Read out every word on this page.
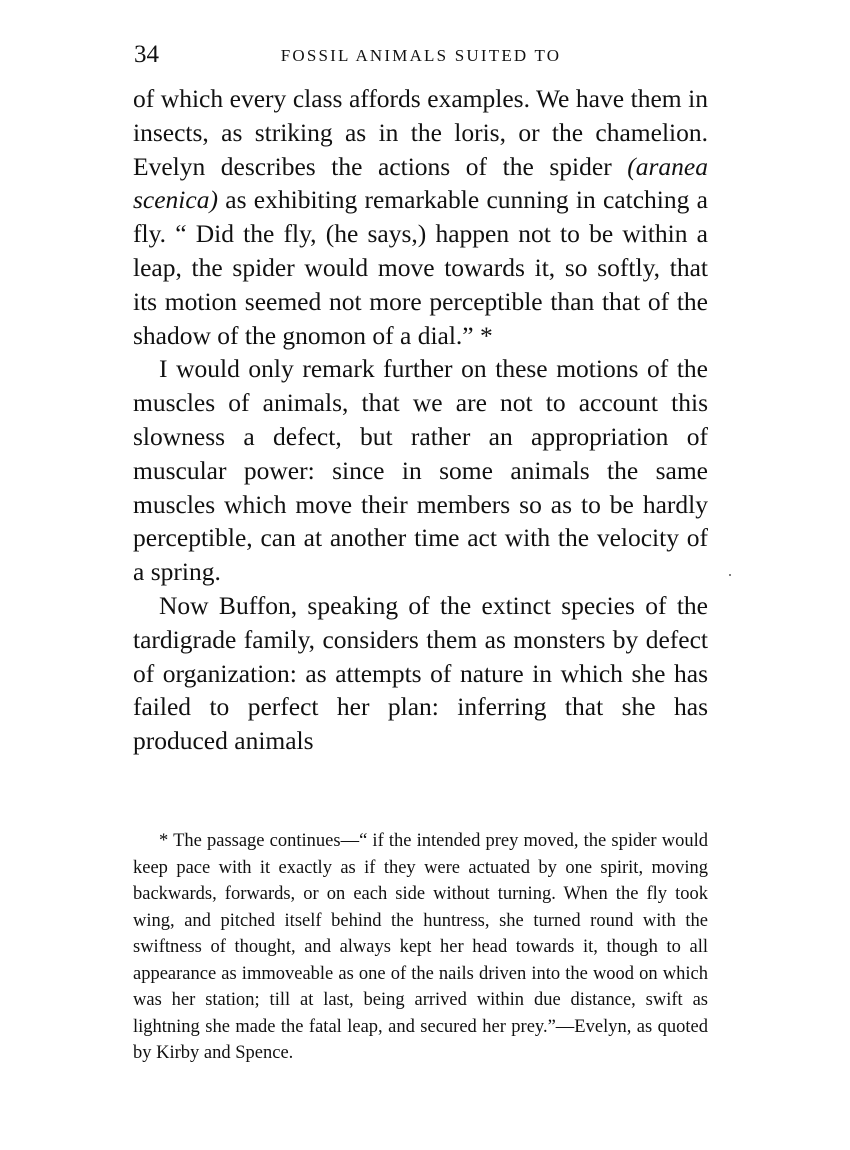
34	FOSSIL ANIMALS SUITED TO

of which every class affords examples. We have them in insects, as striking as in the loris, or the chamelion. Evelyn describes the actions of the spider (aranea scenica) as exhibiting remarkable cunning in catching a fly. “ Did the fly, (he says,) happen not to be within a leap, the spider would move towards it, so softly, that its motion seemed not more perceptible than that of the shadow of the gnomon of a dial.” *

I would only remark further on these motions of the muscles of animals, that we are not to account this slowness a defect, but rather an appropriation of muscular power: since in some animals the same muscles which move their members so as to be hardly perceptible, can at another time act with the velocity of a spring.

Now Buffon, speaking of the extinct species of the tardigrade family, considers them as monsters by defect of organization: as attempts of nature in which she has failed to perfect her plan: inferring that she has produced animals

* The passage continues—“ if the intended prey moved, the spider would keep pace with it exactly as if they were actuated by one spirit, moving backwards, forwards, or on each side without turning. When the fly took wing, and pitched itself behind the huntress, she turned round with the swiftness of thought, and always kept her head towards it, though to all appearance as immoveable as one of the nails driven into the wood on which was her station; till at last, being arrived within due distance, swift as lightning she made the fatal leap, and secured her prey.”—Evelyn, as quoted by Kirby and Spence.
